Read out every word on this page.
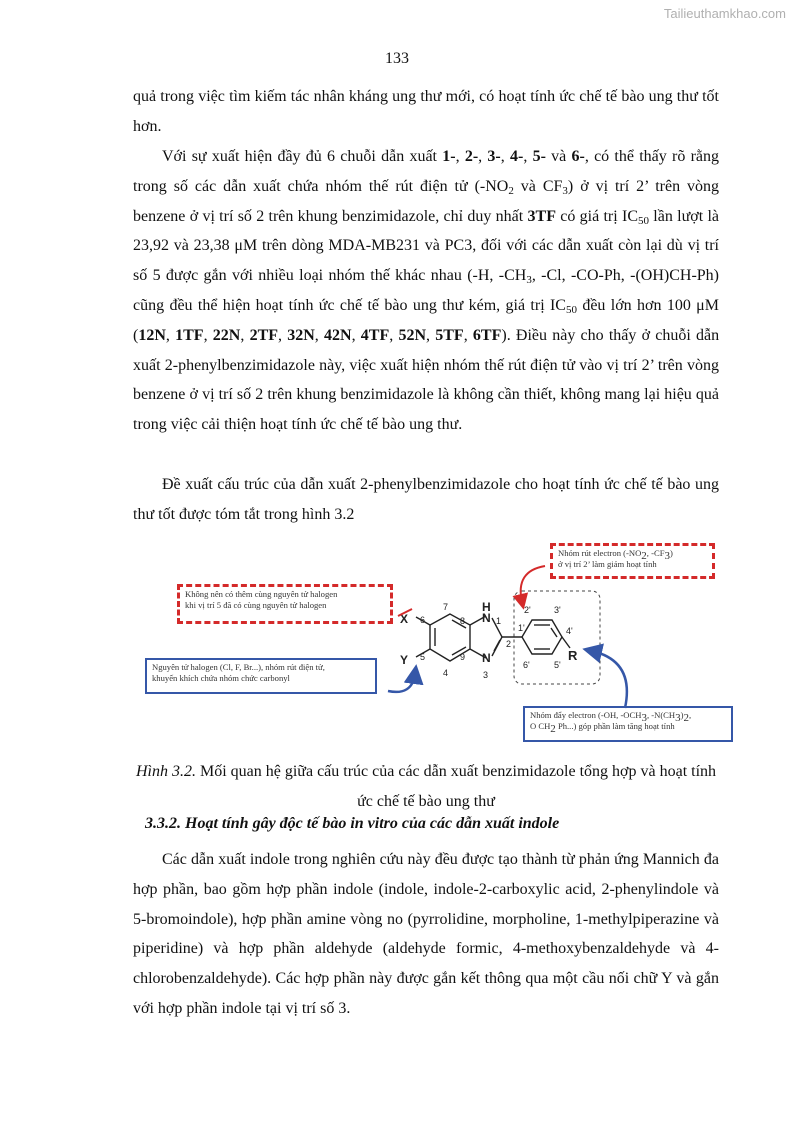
Tailieuthamkhao.com
133
quả trong việc tìm kiếm tác nhân kháng ung thư mới, có hoạt tính ức chế tế bào ung thư tốt hơn.
Với sự xuất hiện đầy đủ 6 chuỗi dẫn xuất 1-, 2-, 3-, 4-, 5- và 6-, có thể thấy rõ rằng trong số các dẫn xuất chứa nhóm thế rút điện tử ($-NO_2$ và $CF_3$) ở vị trí 2’ trên vòng benzene ở vị trí số 2 trên khung benzimidazole, chỉ duy nhất 3TF có giá trị $IC_{50}$ lần lượt là 23,92 và 23,38 μM trên dòng MDA-MB231 và PC3, đối với các dẫn xuất còn lại dù vị trí số 5 được gắn với nhiều loại nhóm thế khác nhau (-H, $-CH_3$, -Cl, -CO-Ph, -(OH)CH-Ph) cũng đều thể hiện hoạt tính ức chế tế bào ung thư kém, giá trị $IC_{50}$ đều lớn hơn 100 μM (12N, 1TF, 22N, 2TF, 32N, 42N, 4TF, 52N, 5TF, 6TF). Điều này cho thấy ở chuỗi dẫn xuất 2-phenylbenzimidazole này, việc xuất hiện nhóm thế rút điện tử vào vị trí 2’ trên vòng benzene ở vị trí số 2 trên khung benzimidazole là không cần thiết, không mang lại hiệu quả trong việc cải thiện hoạt tính ức chế tế bào ung thư.
Đề xuất cấu trúc của dẫn xuất 2-phenylbenzimidazole cho hoạt tính ức chế tế bào ung thư tốt được tóm tắt trong hình 3.2
X
Y
H
N
N	R
1
2
3
4
5
6
7
8
9
1'
2'	3'
4'
5'
6'
Nhóm rút electron ($-NO_2$, $-CF_3$)
ở vị trí 2’ làm giảm hoạt tính
Không nên có thêm cùng nguyên tử halogen
khi vị trí 5 đã có cùng nguyên tử halogen
Nguyên tử halogen (Cl, F, Br...), nhóm rút điện tử,
khuyến khích chứa nhóm chức carbonyl
Nhóm đẩy electron (-OH, $-OCH_3$, $-N(CH_3)_2$,
O $CH_2$ Ph...) góp phần làm tăng hoạt tính
Hình 3.2. Mối quan hệ giữa cấu trúc của các dẫn xuất benzimidazole tổng hợp và hoạt tính ức chế tế bào ung thư
3.3.2. Hoạt tính gây độc tế bào in vitro của các dẫn xuất indole
Các dẫn xuất indole trong nghiên cứu này đều được tạo thành từ phản ứng Mannich đa hợp phần, bao gồm hợp phần indole (indole, indole-2-carboxylic acid, 2-phenylindole và 5-bromoindole), hợp phần amine vòng no (pyrrolidine, morpholine, 1-methylpiperazine và piperidine) và hợp phần aldehyde (aldehyde formic, 4-methoxybenzaldehyde và 4-chlorobenzaldehyde). Các hợp phần này được gắn kết thông qua một cầu nối chữ Y và gắn với hợp phần indole tại vị trí số 3.
